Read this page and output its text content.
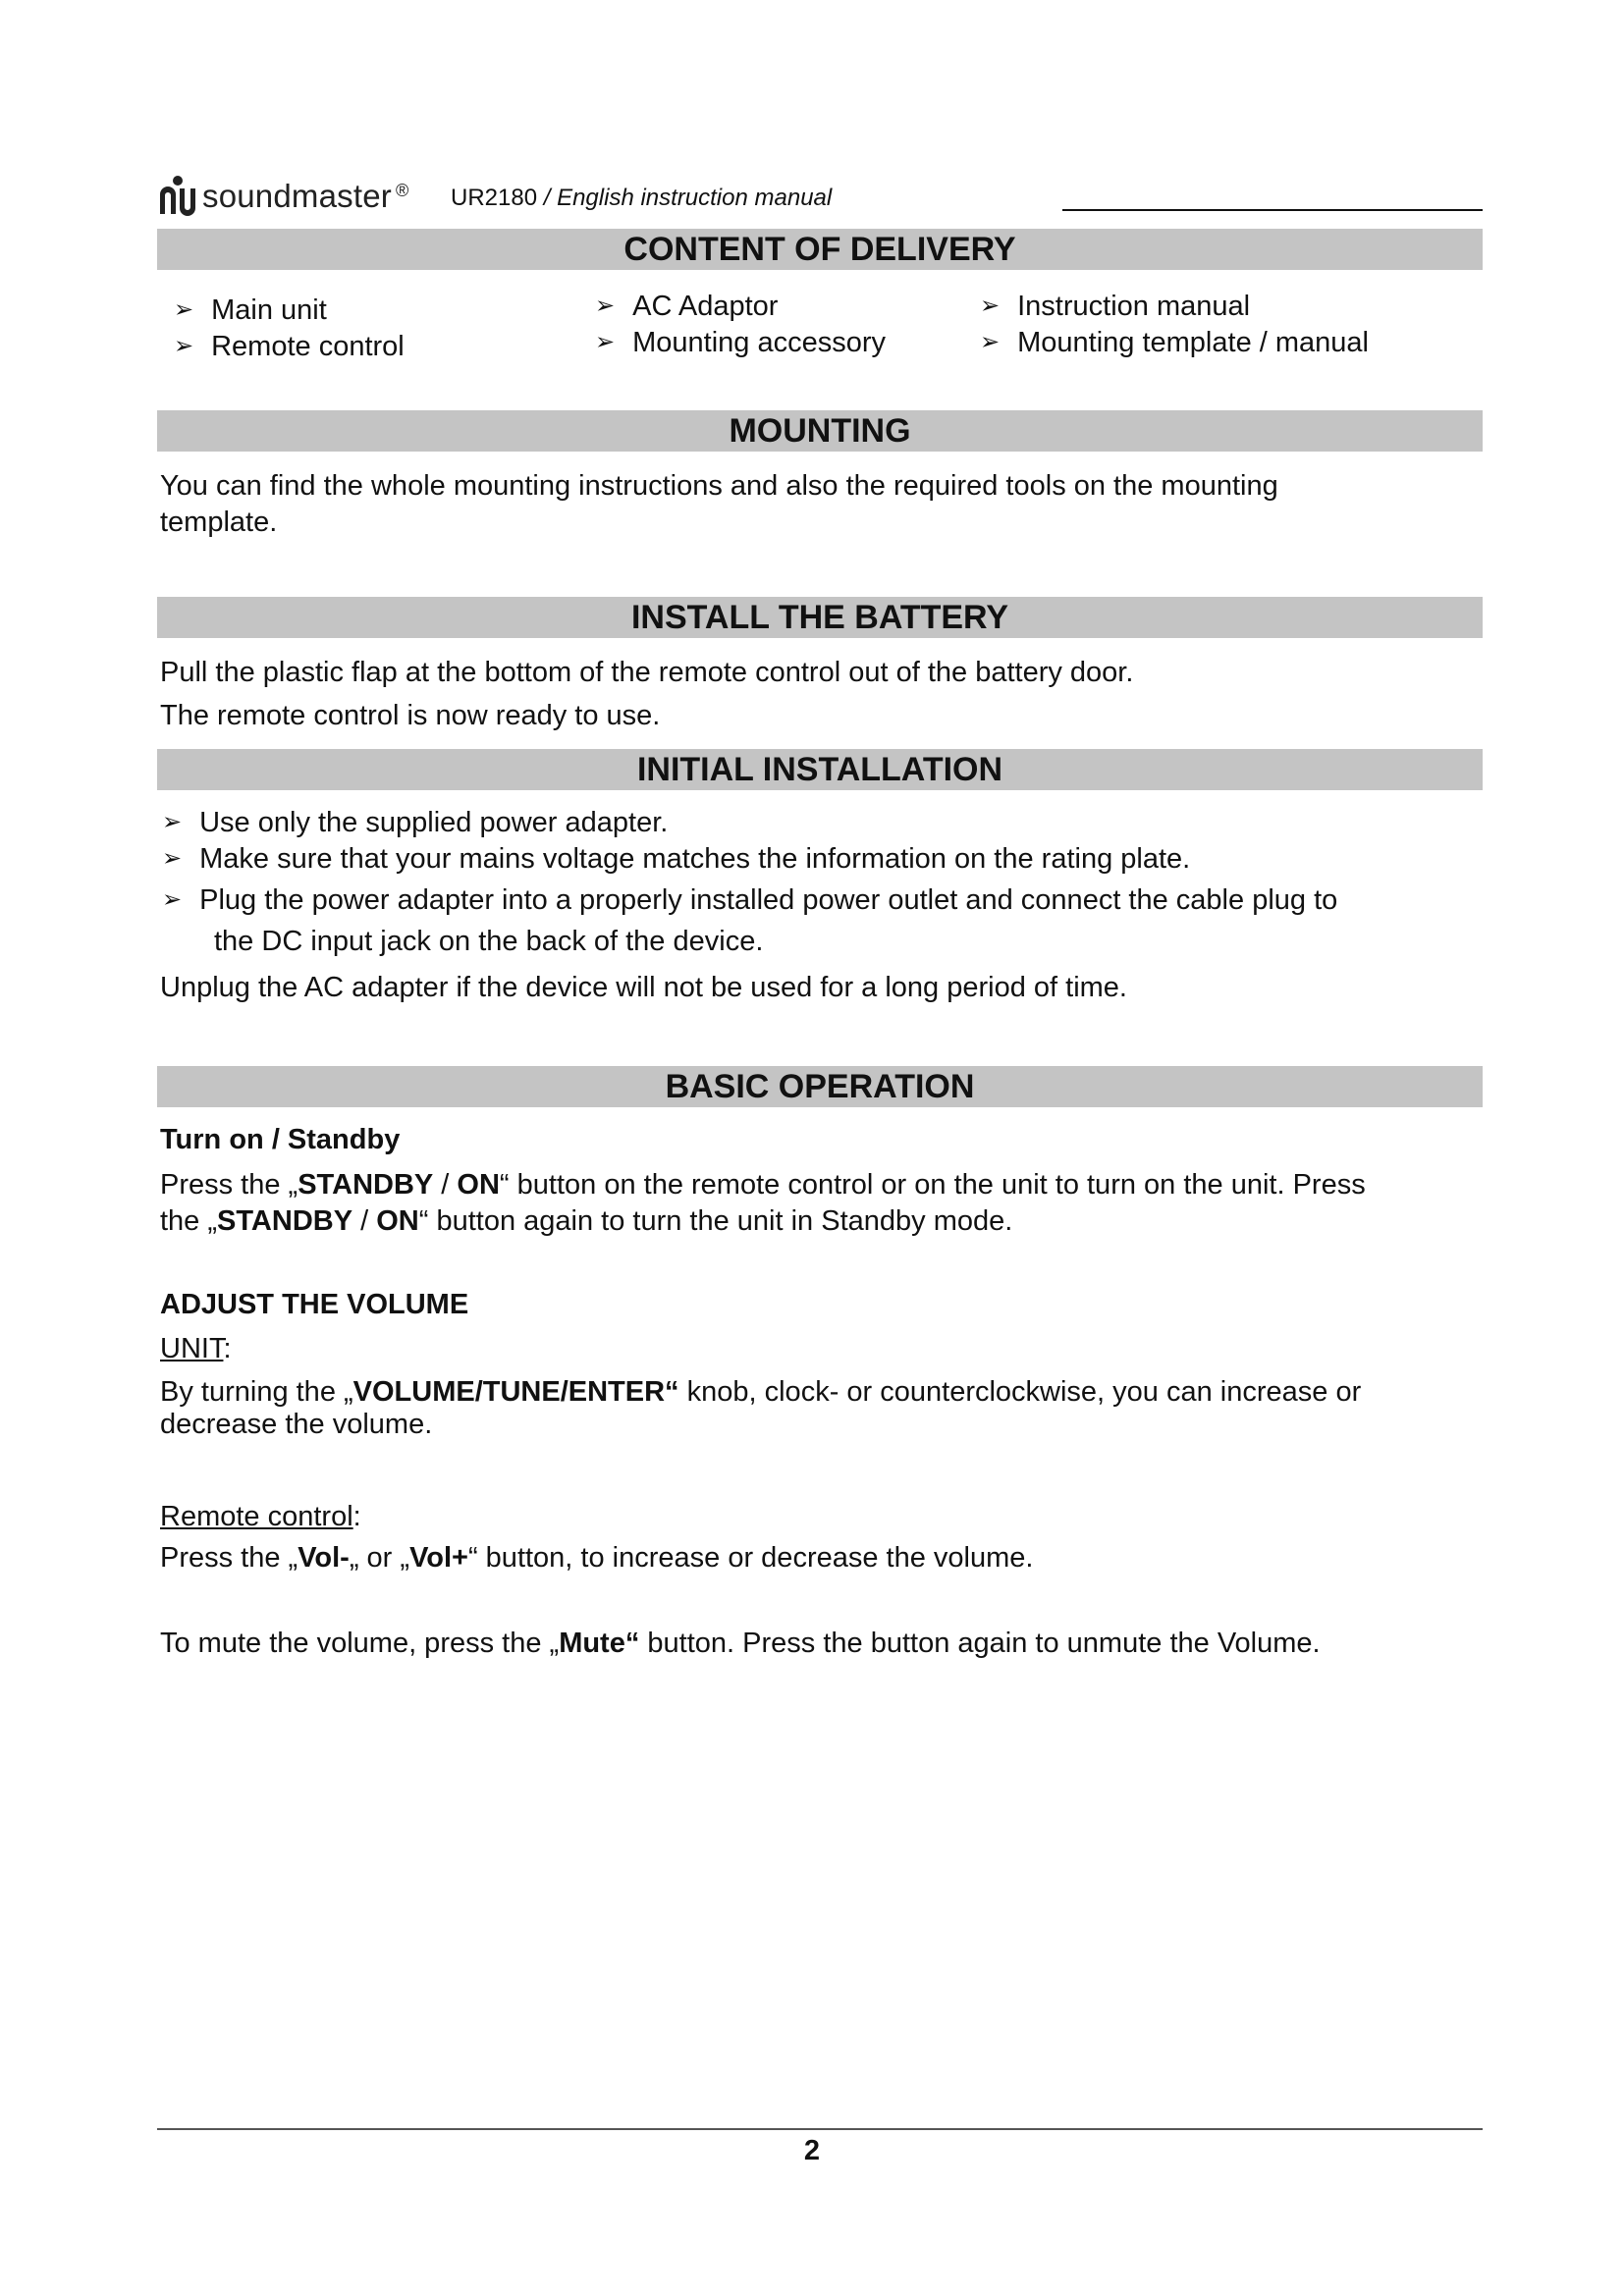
soundmaster ® UR2180 / English instruction manual
CONTENT OF DELIVERY
➢ Main unit
➢ Remote control
➢ AC Adaptor
➢ Mounting accessory
➢ Instruction manual
➢ Mounting template / manual
MOUNTING
You can find the whole mounting instructions and also the required tools on the mounting template.
INSTALL THE BATTERY
Pull the plastic flap at the bottom of the remote control out of the battery door.
The remote control is now ready to use.
INITIAL INSTALLATION
➢ Use only the supplied power adapter.
➢ Make sure that your mains voltage matches the information on the rating plate.
➢ Plug the power adapter into a properly installed power outlet and connect the cable plug to
the DC input jack on the back of the device.
Unplug the AC adapter if the device will not be used for a long period of time.
BASIC OPERATION
Turn on / Standby
Press the „STANDBY / ON“ button on the remote control or on the unit to turn on the unit. Press
the „STANDBY / ON“ button again to turn the unit in Standby mode.
ADJUST THE VOLUME
UNIT:
By turning the „VOLUME/TUNE/ENTER“ knob, clock- or counterclockwise, you can increase or decrease the volume.
Remote control:
Press the „Vol-„ or „Vol+“ button, to increase or decrease the volume.
To mute the volume, press the „Mute“ button. Press the button again to unmute the Volume.
2
